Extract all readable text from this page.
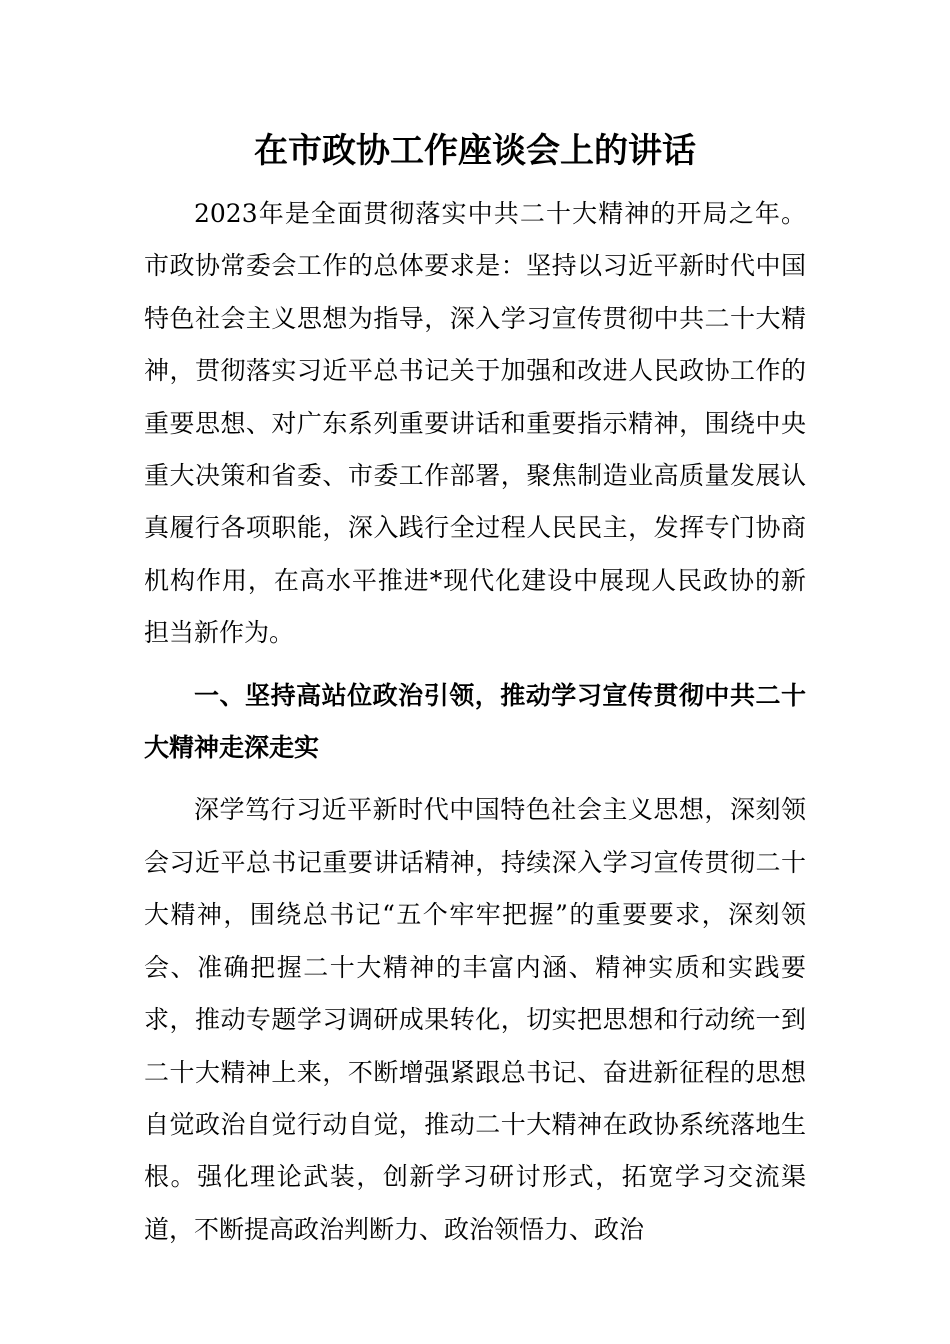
在市政协工作座谈会上的讲话

2023年是全面贯彻落实中共二十大精神的开局之年。市政协常委会工作的总体要求是：坚持以习近平新时代中国特色社会主义思想为指导，深入学习宣传贯彻中共二十大精神，贯彻落实习近平总书记关于加强和改进人民政协工作的重要思想、对广东系列重要讲话和重要指示精神，围绕中央重大决策和省委、市委工作部署，聚焦制造业高质量发展认真履行各项职能，深入践行全过程人民民主，发挥专门协商机构作用，在高水平推进*现代化建设中展现人民政协的新担当新作为。

一、坚持高站位政治引领，推动学习宣传贯彻中共二十大精神走深走实

深学笃行习近平新时代中国特色社会主义思想，深刻领会习近平总书记重要讲话精神，持续深入学习宣传贯彻二十大精神，围绕总书记“五个牢牢把握”的重要要求，深刻领会、准确把握二十大精神的丰富内涵、精神实质和实践要求，推动专题学习调研成果转化，切实把思想和行动统一到二十大精神上来，不断增强紧跟总书记、奋进新征程的思想自觉政治自觉行动自觉，推动二十大精神在政协系统落地生根。强化理论武装，创新学习研讨形式，拓宽学习交流渠道，不断提高政治判断力、政治领悟力、政治
